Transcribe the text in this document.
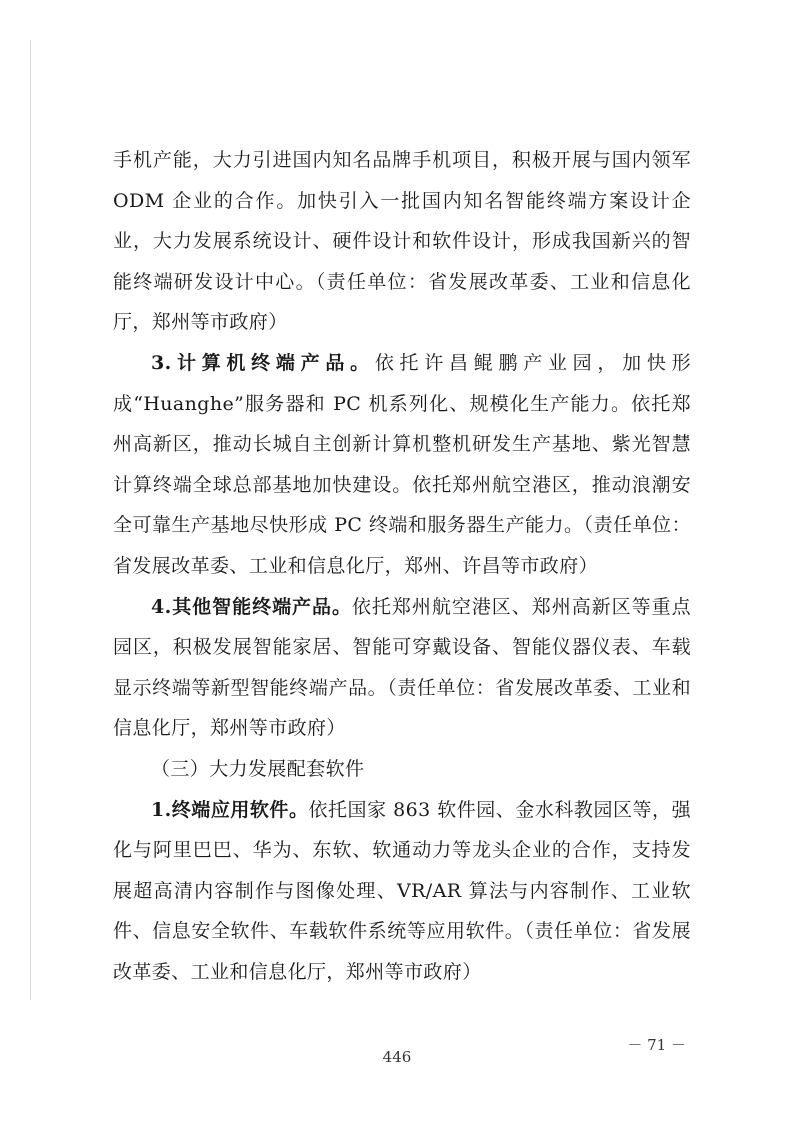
手机产能，大力引进国内知名品牌手机项目，积极开展与国内领军 ODM 企业的合作。加快引入一批国内知名智能终端方案设计企业，大力发展系统设计、硬件设计和软件设计，形成我国新兴的智能终端研发设计中心。（责任单位：省发展改革委、工业和信息化厅，郑州等市政府）

3.计算机终端产品。依托许昌鲲鹏产业园，加快形成“Huanghe”服务器和 PC 机系列化、规模化生产能力。依托郑州高新区，推动长城自主创新计算机整机研发生产基地、紫光智慧计算终端全球总部基地加快建设。依托郑州航空港区，推动浪潮安全可靠生产基地尽快形成 PC 终端和服务器生产能力。（责任单位：省发展改革委、工业和信息化厅，郑州、许昌等市政府）

4.其他智能终端产品。依托郑州航空港区、郑州高新区等重点园区，积极发展智能家居、智能可穿戴设备、智能仪器仪表、车载显示终端等新型智能终端产品。（责任单位：省发展改革委、工业和信息化厅，郑州等市政府）

（三）大力发展配套软件

1.终端应用软件。依托国家 863 软件园、金水科教园区等，强化与阿里巴巴、华为、东软、软通动力等龙头企业的合作，支持发展超高清内容制作与图像处理、VR/AR 算法与内容制作、工业软件、信息安全软件、车载软件系统等应用软件。（责任单位：省发展改革委、工业和信息化厅，郑州等市政府）

－ 71 －
446
